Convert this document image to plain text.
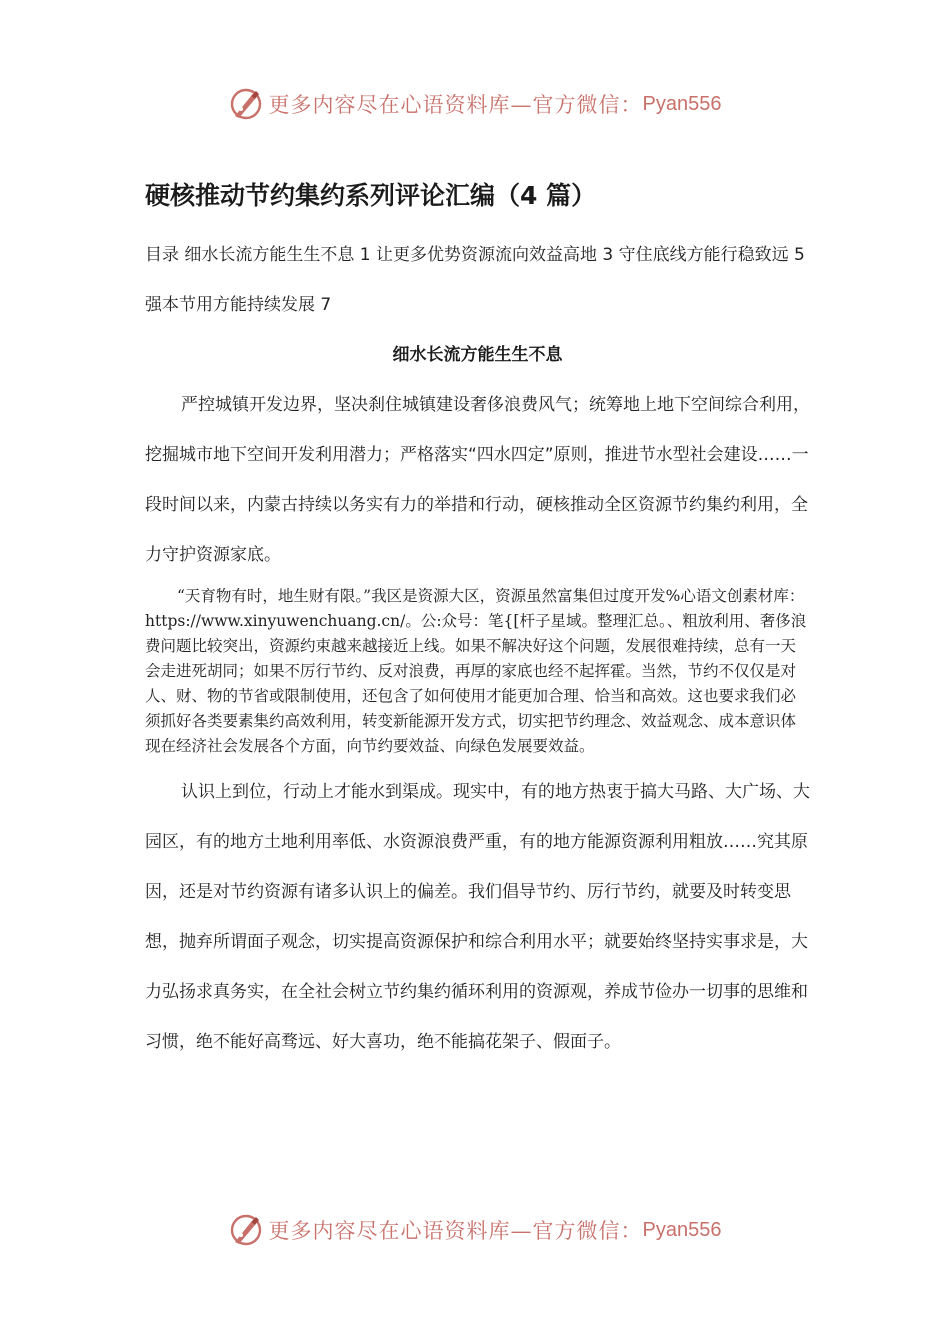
更多内容尽在心语资料库—官方微信： Pyan556
硬核推动节约集约系列评论汇编（4 篇）

目录 细水长流方能生生不息 1 让更多优势资源流向效益高地 3 守住底线方能行稳致远 5 强本节用方能持续发展 7

细水长流方能生生不息

严控城镇开发边界，坚决刹住城镇建设奢侈浪费风气；统筹地上地下空间综合利用，挖掘城市地下空间开发利用潜力；严格落实“四水四定”原则，推进节水型社会建设……一段时间以来，内蒙古持续以务实有力的举措和行动，硬核推动全区资源节约集约利用，全力守护资源家底。

“天育物有时，地生财有限。”我区是资源大区，资源虽然富集但过度开发%心语文创素材库：https://www.xinyuwenchuang.cn/。公:众号：笔{[杆子星域。整理汇总。、粗放利用、奢侈浪费问题比较突出，资源约束越来越接近上线。如果不解决好这个问题，发展很难持续，总有一天会走进死胡同；如果不厉行节约、反对浪费，再厚的家底也经不起挥霍。当然，节约不仅仅是对人、财、物的节省或限制使用，还包含了如何使用才能更加合理、恰当和高效。这也要求我们必须抓好各类要素集约高效利用，转变新能源开发方式，切实把节约理念、效益观念、成本意识体现在经济社会发展各个方面，向节约要效益、向绿色发展要效益。

认识上到位，行动上才能水到渠成。现实中，有的地方热衷于搞大马路、大广场、大园区，有的地方土地利用率低、水资源浪费严重，有的地方能源资源利用粗放……究其原因，还是对节约资源有诸多认识上的偏差。我们倡导节约、厉行节约，就要及时转变思想，抛弃所谓面子观念，切实提高资源保护和综合利用水平；就要始终坚持实事求是，大力弘扬求真务实，在全社会树立节约集约循环利用的资源观，养成节俭办一切事的思维和习惯，绝不能好高骛远、好大喜功，绝不能搞花架子、假面子。

更多内容尽在心语资料库—官方微信： Pyan556
